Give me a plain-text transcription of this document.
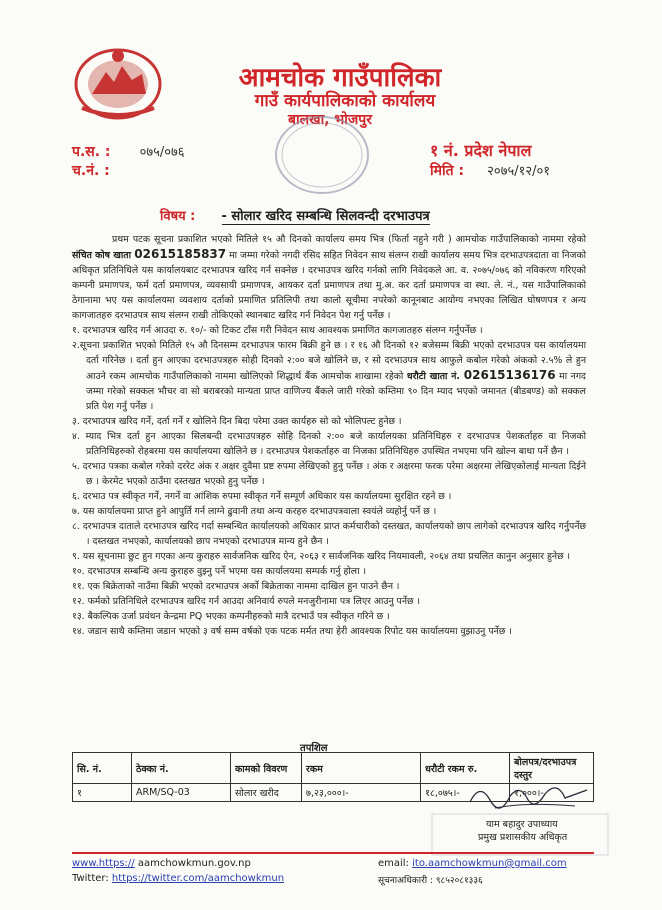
आमचोक गाउँपालिका
गाउँ कार्यपालिकाको कार्यालय
बालखा, भोजपुर
प.स. : ०७५/०७६
च.नं. :
१ नं. प्रदेश नेपाल
मिति : २०७५/१२/०१
विषय : - सोलार खरिद सम्बन्धि सिलवन्दी दरभाउपत्र

प्रथम पटक सूचना प्रकाशित भएको मितिले १५ औ दिनको कार्यालय समय भित्र (फिर्ता नहुने गरी ) आमचोक गाउँपालिकाको नाममा रहेको संचित कोष खाता 02615185837 मा जम्मा गरेको नगदी रसिद सहित निवेदन साथ संलग्न राखी कार्यालय समय भित्र दरभाउपत्रदाता वा निजको अधिकृत प्रतिनिधिले यस कार्यालयबाट दरभाउपत्र खरिद गर्न सक्नेछ । दरभाउपत्र खरिद गर्नको लागि निवेदकले आ. व. २०७५/०७६ को नविकरण गरिएको कम्पनी प्रमाणपत्र, फर्म दर्ता प्रमाणपत्र, व्यवसायी प्रमाणपत्र, आयकर दर्ता प्रमाणपत्र तथा मु.अ. कर दर्ता प्रमाणपत्र वा स्था. ले. नं., यस गाउँपालिकाको ठेगानामा भए यस कार्यालयमा व्यवशाय दर्ताको प्रमाणित प्रतिलिपी तथा कालो सूचीमा नपरेको कानूनबाट आयोग्य नभएका लिखित घोषणपत्र र अन्य कागजातहरु दरभाउपत्र साथ संलग्न राखी तोकिएको स्थानबाट खरिद गर्न निवेदन पेश गर्नु पर्नेछ ।

१. दरभाउपत्र खरिद गर्न आउदा रु. १०/- को टिकट टाँस गरी निवेदन साथ आवश्यक प्रमाणित कागजातहरु संलग्न गर्नुपर्नेछ ।

२.सूचना प्रकाशित भएको मितिले १५ औ दिनसम्म दरभाउपत्र फारम बिक्री हुने छ । र १६ औ दिनको १२ बजेसम्म बिक्री भएको दरभाउपत्र यस कार्यालयमा दर्ता गरिनेछ । दर्ता हुन आएका दरभाउपत्रहरु सोही दिनको २:०० बजे खोलिने छ, र सो दरभाउपत्र साथ आफुले कबोल गरेको अंकको २.५% ले हुन आउने रकम आमचोक गाउँपालिकाको नाममा खोलिएको शिद्धार्थ बैंक आमचोक शाखामा रहेको धरौटी खाता नं. 02615136176 मा नगद जम्मा गरेको सक्कल भौचर वा सो बराबरको मान्यता प्राप्त वाणिज्य बैंकले जारी गरेको कम्तिमा ९० दिन म्याद भएको जमानत (बीडबण्ड) को सक्कल प्रति पेश गर्नु पर्नेछ ।

३. दरभाउपत्र खरिद गर्ने, दर्ता गर्ने र खोलिने दिन बिदा परेमा उक्त कार्यहरु सो को भोलिपल्ट हुनेछ ।

४. म्याद भित्र दर्ता हुन आएका सिलबन्दी दरभाउपत्रहरु सोहि दिनको २:०० बजे कार्यालयका प्रतिनिधिहरु र दरभाउपत्र पेशकर्ताहरु वा निजको प्रतिनिधिहरुको रोहबरमा यस कार्यालयमा खोलिने छ । दरभाउपत्र पेशकर्ताहरु वा निजका प्रतिनिधिहरु उपस्थित नभएमा पनि खोल्न बाधा पर्ने छैन ।

५. दरभाउ पत्रका कबोल गरेको दररेट अंक र अक्षर दुवैमा प्रष्ट रुपमा लेखिएको हुनु पर्नेछ । अंक र अक्षरमा फरक परेमा अक्षरमा लेखिएकोलाई मान्यता दिईने छ । केरमेट भएको ठाउँमा दस्तखत भएको हुनु पर्नेछ ।

६. दरभाउ पत्र स्वीकृत गर्ने, नगर्ने वा आंशिक रुपमा स्वीकृत गर्ने सम्पूर्ण अधिकार यस कार्यालयमा सुरक्षित रहने छ ।

७. यस कार्यालयमा प्राप्त हुने आपुर्ति गर्न लाग्ने ढुवानी तथा अन्य करहरु दरभाउपत्रवाला स्वयंले व्यहोर्नु पर्ने छ ।

८. दरभाउपत्र दाताले दरभाउपत्र खरिद गर्दा सम्बन्धित कार्यालयको अधिकार प्राप्त कर्मचारीको दस्तखत, कार्यालयको छाप लागेको दरभाउपत्र खरिद गर्नुपर्नेछ । दस्तखत नभएको, कार्यालयको छाप नभएको दरभाउपत्र मान्य हुने छैन ।

९. यस सूचनामा छुट हुन गएका अन्य कुराहरु सार्वजनिक खरिद ऐन, २०६३ र सार्वजनिक खरिद नियमावली, २०६४ तथा प्रचलित कानुन अनुसार हुनेछ ।

१०. दरभाउपत्र सम्बन्धि अन्य कुराहरु वुझ्नु पर्ने भएमा यस कार्यालयमा सम्पर्क गर्नु होला ।

११. एक बिक्रेताको नाउँमा बिक्री भएको दरभाउपत्र अर्को बिक्रेताका नाममा दाखिल हुन पाउने छैन ।

१२. फर्मको प्रतिनिधिले दरभाउपत्र खरिद गर्न आउदा अनिवार्य रुपले मनजुरीनामा पत्र लिएर आउनु पर्नेछ ।

१३. बैकल्पिक उर्जा प्रवंधन केन्द्रमा PQ भएका कम्पनीहरुको मात्रै दरभाउँ पत्र स्वीकृत गरिने छ ।

१४. जडान साथै कम्तिमा जडान भएको ३ वर्ष सम्म वर्षको एक पटक मर्मत तथा हेरी आवश्यक रिपोट यस कार्यालयमा वुझाउनु पर्नेछ ।

तपशिल
सि. नं.	ठेक्का नं.	कामको विवरण	रकम	धरौटी रकम रु.	बोलपत्र/दरभाउपत्र दस्तुर
१	ARM/SQ-03	सोलार खरीद	७,२३,०००।-	१८,०७५।-	१,०००।-
याम बहादुर उपाध्याय
प्रमुख प्रशासकीय अधिकृत
www.https:// aamchowkmun.gov.np
Twitter: https://twitter.com/aamchowkmun
email: ito.aamchowkmun@gmail.com
सूचनाअधिकारी : ९८५२०८१३३६
